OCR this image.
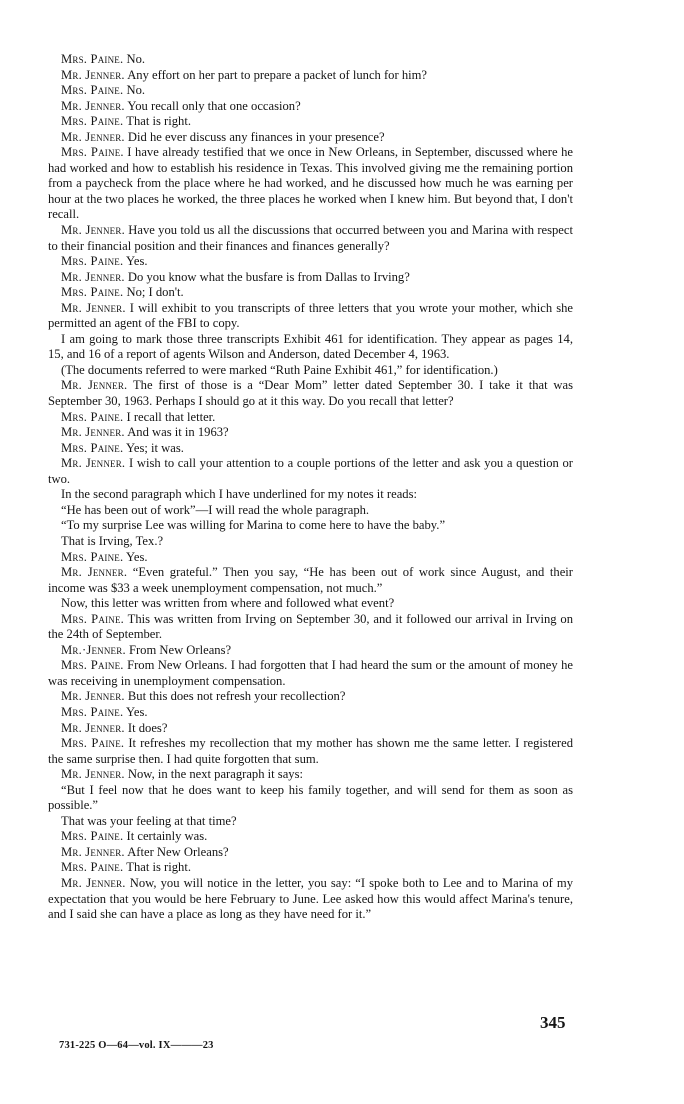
Mrs. Paine. No.

Mr. Jenner. Any effort on her part to prepare a packet of lunch for him?

Mrs. Paine. No.

Mr. Jenner. You recall only that one occasion?

Mrs. Paine. That is right.

Mr. Jenner. Did he ever discuss any finances in your presence?

Mrs. Paine. I have already testified that we once in New Orleans, in September, discussed where he had worked and how to establish his residence in Texas. This involved giving me the remaining portion from a paycheck from the place where he had worked, and he discussed how much he was earning per hour at the two places he worked, the three places he worked when I knew him. But beyond that, I don't recall.

Mr. Jenner. Have you told us all the discussions that occurred between you and Marina with respect to their financial position and their finances and finances generally?

Mrs. Paine. Yes.

Mr. Jenner. Do you know what the busfare is from Dallas to Irving?

Mrs. Paine. No; I don't.

Mr. Jenner. I will exhibit to you transcripts of three letters that you wrote your mother, which she permitted an agent of the FBI to copy.

I am going to mark those three transcripts Exhibit 461 for identification. They appear as pages 14, 15, and 16 of a report of agents Wilson and Anderson, dated December 4, 1963.

(The documents referred to were marked “Ruth Paine Exhibit 461,” for identification.)

Mr. Jenner. The first of those is a “Dear Mom” letter dated September 30. I take it that was September 30, 1963. Perhaps I should go at it this way. Do you recall that letter?

Mrs. Paine. I recall that letter.

Mr. Jenner. And was it in 1963?

Mrs. Paine. Yes; it was.

Mr. Jenner. I wish to call your attention to a couple portions of the letter and ask you a question or two.

In the second paragraph which I have underlined for my notes it reads:

“He has been out of work”—I will read the whole paragraph.

“To my surprise Lee was willing for Marina to come here to have the baby.”

That is Irving, Tex.?

Mrs. Paine. Yes.

Mr. Jenner. “Even grateful.” Then you say, “He has been out of work since August, and their income was $33 a week unemployment compensation, not much.”

Now, this letter was written from where and followed what event?

Mrs. Paine. This was written from Irving on September 30, and it followed our arrival in Irving on the 24th of September.

Mr.·Jenner. From New Orleans?

Mrs. Paine. From New Orleans. I had forgotten that I had heard the sum or the amount of money he was receiving in unemployment compensation.

Mr. Jenner. But this does not refresh your recollection?

Mrs. Paine. Yes.

Mr. Jenner. It does?

Mrs. Paine. It refreshes my recollection that my mother has shown me the same letter. I registered the same surprise then. I had quite forgotten that sum.

Mr. Jenner. Now, in the next paragraph it says:

“But I feel now that he does want to keep his family together, and will send for them as soon as possible.”

That was your feeling at that time?

Mrs. Paine. It certainly was.

Mr. Jenner. After New Orleans?

Mrs. Paine. That is right.

Mr. Jenner. Now, you will notice in the letter, you say: “I spoke both to Lee and to Marina of my expectation that you would be here February to June. Lee asked how this would affect Marina's tenure, and I said she can have a place as long as they have need for it.”

345
731-225 O—64—vol. IX———23
